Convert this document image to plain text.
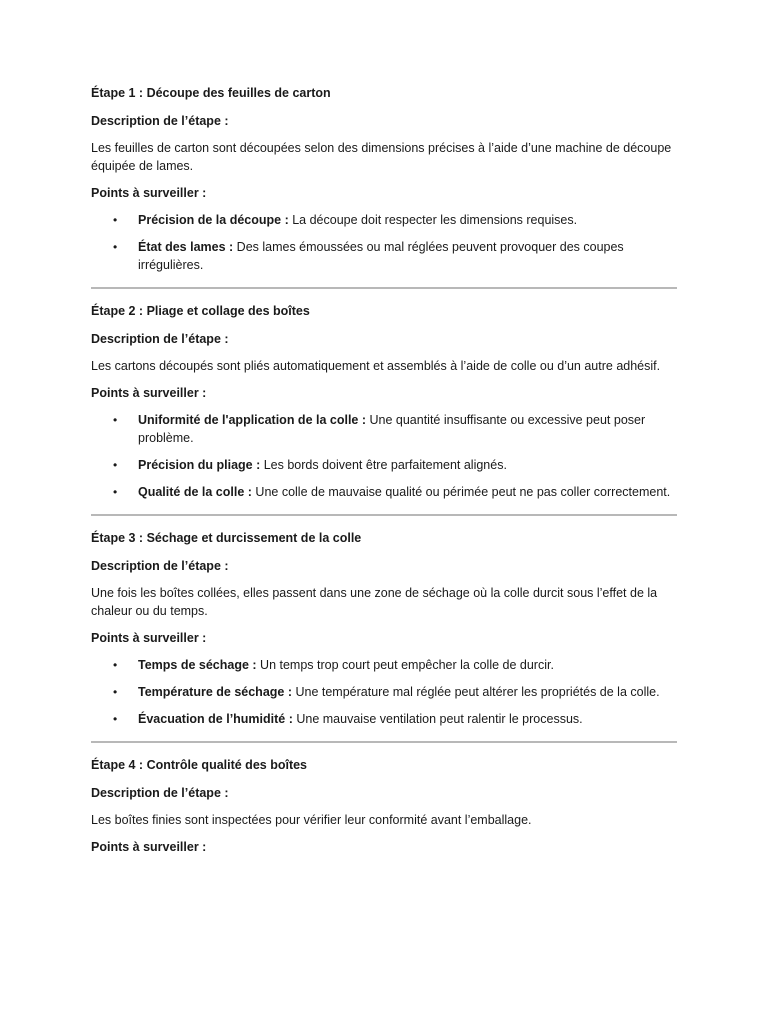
Étape 1 : Découpe des feuilles de carton

Description de l’étape :

Les feuilles de carton sont découpées selon des dimensions précises à l’aide d’une machine de découpe équipée de lames.

Points à surveiller :

• Précision de la découpe : La découpe doit respecter les dimensions requises.
• État des lames : Des lames émoussées ou mal réglées peuvent provoquer des coupes irrégulières.

Étape 2 : Pliage et collage des boîtes

Description de l’étape :

Les cartons découpés sont pliés automatiquement et assemblés à l’aide de colle ou d’un autre adhésif.

Points à surveiller :

• Uniformité de l'application de la colle : Une quantité insuffisante ou excessive peut poser problème.
• Précision du pliage : Les bords doivent être parfaitement alignés.
• Qualité de la colle : Une colle de mauvaise qualité ou périmée peut ne pas coller correctement.

Étape 3 : Séchage et durcissement de la colle

Description de l’étape :

Une fois les boîtes collées, elles passent dans une zone de séchage où la colle durcit sous l’effet de la chaleur ou du temps.

Points à surveiller :

• Temps de séchage : Un temps trop court peut empêcher la colle de durcir.
• Température de séchage : Une température mal réglée peut altérer les propriétés de la colle.
• Évacuation de l’humidité : Une mauvaise ventilation peut ralentir le processus.

Étape 4 : Contrôle qualité des boîtes

Description de l’étape :

Les boîtes finies sont inspectées pour vérifier leur conformité avant l’emballage.

Points à surveiller :
